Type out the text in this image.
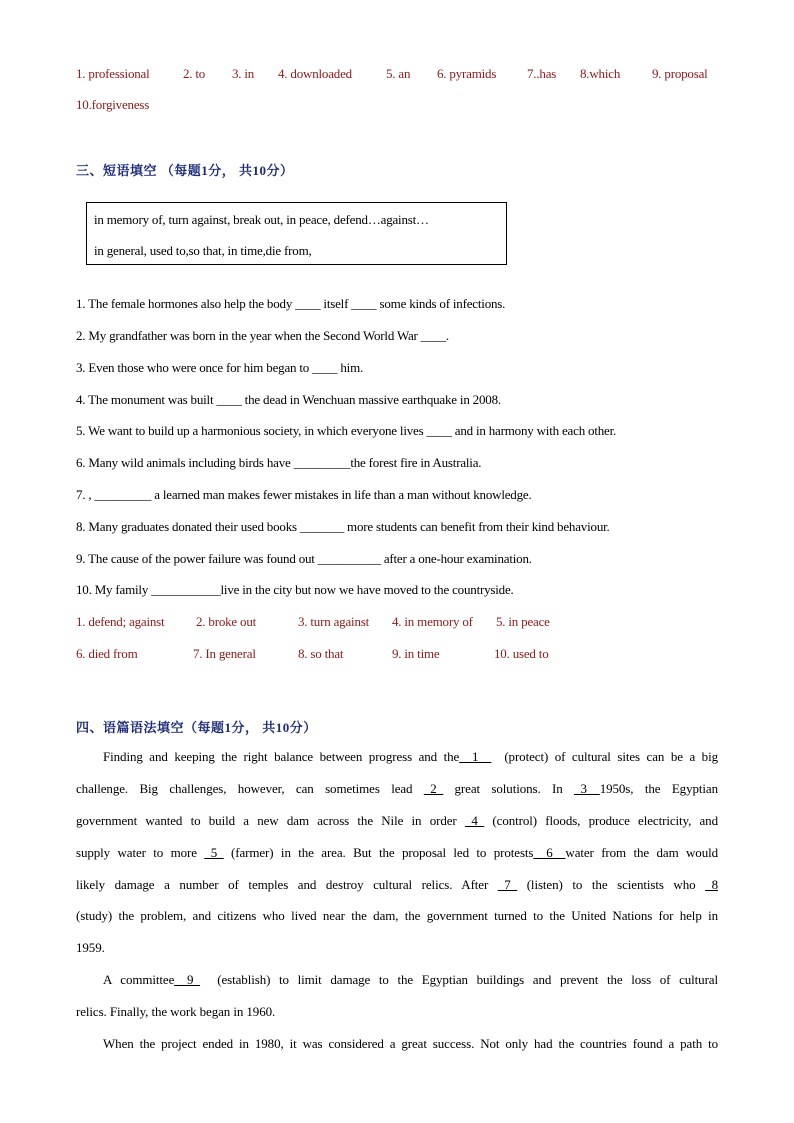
1. professional	2. to 3. in 4. downloaded	5. an 6. pyramids 7..has 8.which 9. proposal
10.forgiveness
三、短语填空 （每题1分， 共10分）
in memory of, turn against, break out, in peace, defend…against…
in general, used to,so that, in time,die from,
1. The female hormones also help the body ____ itself ____ some kinds of infections.
2. My grandfather was born in the year when the Second World War ____.
3. Even those who were once for him began to ____ him.
4. The monument was built ____ the dead in Wenchuan massive earthquake in 2008.
5. We want to build up a harmonious society, in which everyone lives ____ and in harmony with each other.
6. Many wild animals including birds have _________the forest fire in Australia.
7. , _________ a learned man makes fewer mistakes in life than a man without knowledge.
8. Many graduates donated their used books _______ more students can benefit from their kind behaviour.
9. The cause of the power failure was found out __________ after a one-hour examination.
10. My family ___________live in the city but now we have moved to the countryside.
1. defend; against 2. broke out	3. turn against 4. in memory of 5. in peace
6. died from	7. In general	8. so that	9. in time	10. used to
四、语篇语法填空（每题1分， 共10分）
Finding and keeping the right balance between progress and the__1__ (protect) of cultural sites can be a big
challenge. Big challenges, however, can sometimes lead _2_ great solutions. In _3__1950s, the Egyptian
government wanted to build a new dam across the Nile in order _4_ (control) floods, produce electricity, and
supply water to more _5_ (farmer) in the area. But the proposal led to protests__6__water from the dam would
likely damage a number of temples and destroy cultural relics. After _7_ (listen) to the scientists who _8
(study) the problem, and citizens who lived near the dam, the government turned to the United Nations for help in
1959.
A committee__9_ (establish) to limit damage to the Egyptian buildings and prevent the loss of cultural
relics. Finally, the work began in 1960.
When the project ended in 1980, it was considered a great success. Not only had the countries found a path to
